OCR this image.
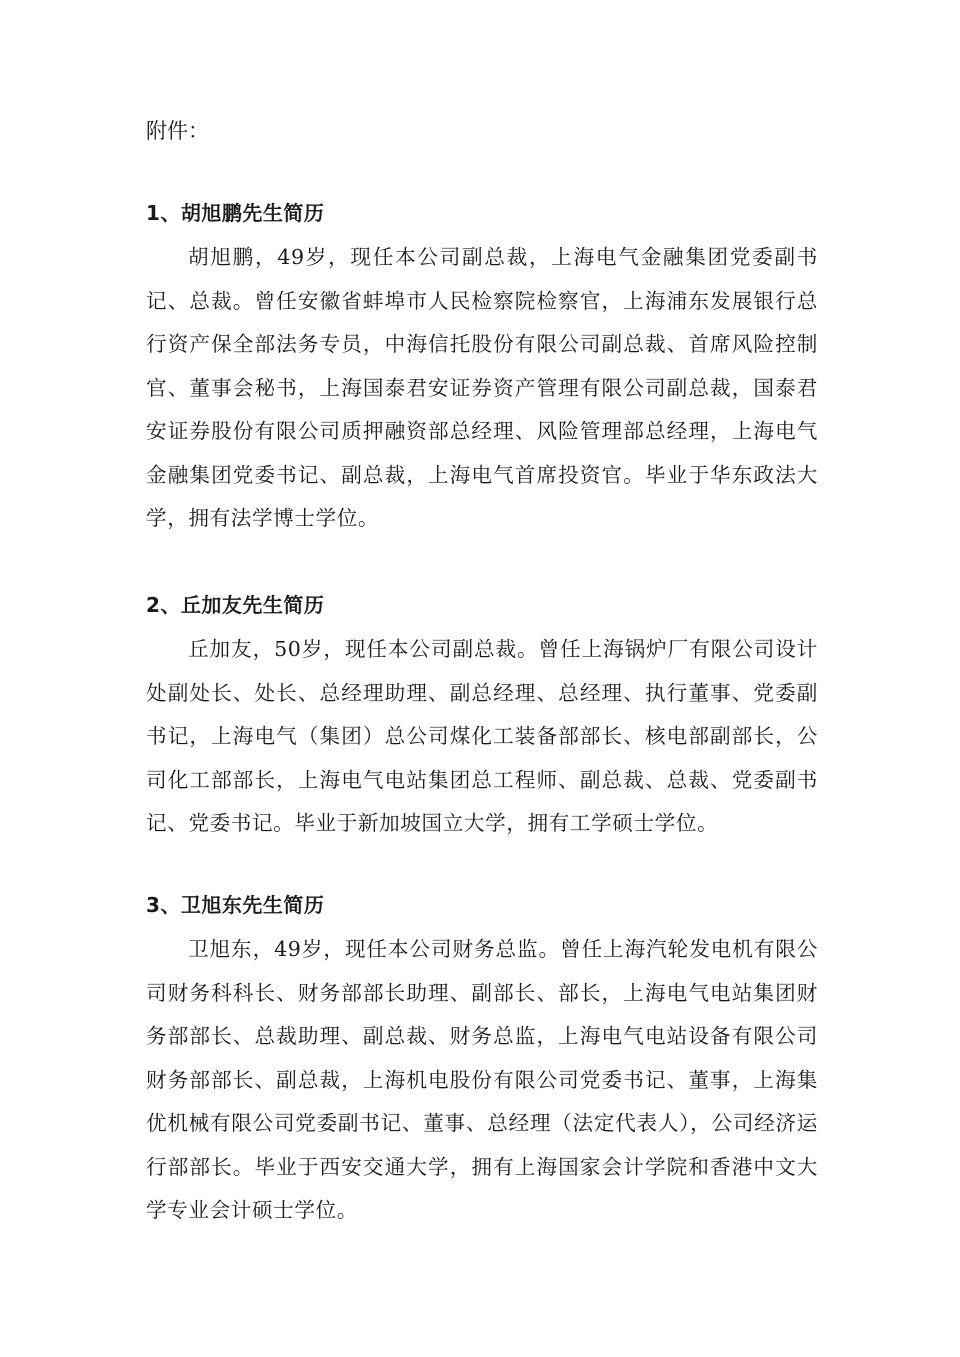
附件：
1、胡旭鹏先生简历

胡旭鹏，49岁，现任本公司副总裁，上海电气金融集团党委副书记、总裁。曾任安徽省蚌埠市人民检察院检察官，上海浦东发展银行总行资产保全部法务专员，中海信托股份有限公司副总裁、首席风险控制官、董事会秘书，上海国泰君安证券资产管理有限公司副总裁，国泰君安证券股份有限公司质押融资部总经理、风险管理部总经理，上海电气金融集团党委书记、副总裁，上海电气首席投资官。毕业于华东政法大学，拥有法学博士学位。

2、丘加友先生简历

丘加友，50岁，现任本公司副总裁。曾任上海锅炉厂有限公司设计处副处长、处长、总经理助理、副总经理、总经理、执行董事、党委副书记，上海电气（集团）总公司煤化工装备部部长、核电部副部长，公司化工部部长，上海电气电站集团总工程师、副总裁、总裁、党委副书记、党委书记。毕业于新加坡国立大学，拥有工学硕士学位。

3、卫旭东先生简历

卫旭东，49岁，现任本公司财务总监。曾任上海汽轮发电机有限公司财务科科长、财务部部长助理、副部长、部长，上海电气电站集团财务部部长、总裁助理、副总裁、财务总监，上海电气电站设备有限公司财务部部长、副总裁，上海机电股份有限公司党委书记、董事，上海集优机械有限公司党委副书记、董事、总经理（法定代表人），公司经济运行部部长。毕业于西安交通大学，拥有上海国家会计学院和香港中文大学专业会计硕士学位。
